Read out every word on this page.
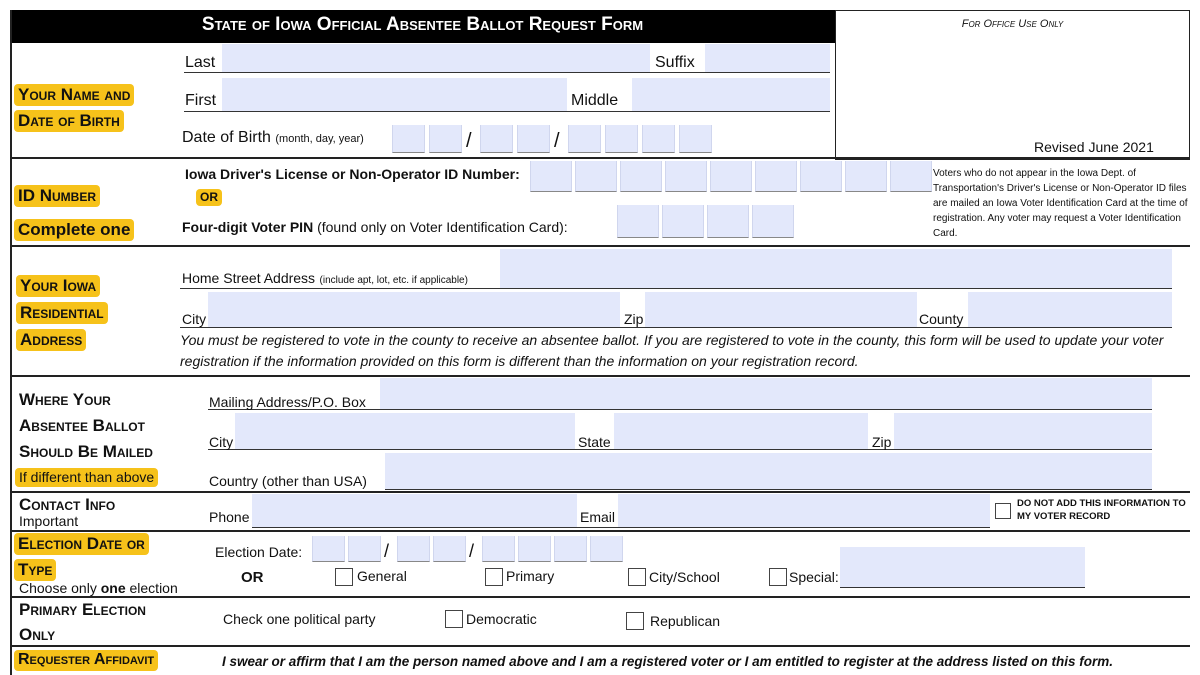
State of Iowa Official Absentee Ballot Request Form	For Office Use Only
Revised June 2021
Your Name and
Date of Birth
Last	Suffix
First	Middle
Date of Birth (month, day, year)	/	/
ID Number
Complete one
Iowa Driver's License or Non-Operator ID Number:
OR
Four-digit Voter PIN (found only on Voter Identification Card):
Voters who do not appear in the Iowa Dept. of Transportation's Driver's License or Non-Operator ID files are mailed an Iowa Voter Identification Card at the time of registration. Any voter may request a Voter Identification Card.
Your Iowa
Residential
Address
Home Street Address (include apt, lot, etc. if applicable)
City	Zip	County
You must be registered to vote in the county to receive an absentee ballot. If you are registered to vote in the county, this form will be used to update your voter registration if the information provided on this form is different than the information on your registration record.
Where Your
Absentee Ballot
Should Be Mailed
If different than above
Mailing Address/P.O. Box
City	State	Zip
Country (other than USA)
Contact Info
Important	Phone	Email
DO NOT ADD THIS INFORMATION TO MY VOTER RECORD
Election Date or
Type
Choose only one election
Election Date:	/	/
OR	General	Primary	City/School	Special:
Primary Election
Only
Check one political party	Democratic	Republican
Requester Affidavit	I swear or affirm that I am the person named above and I am a registered voter or I am entitled to register at the address listed on this form.
